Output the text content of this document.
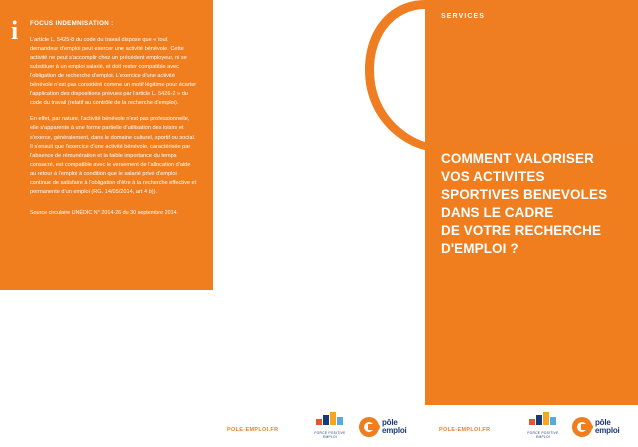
i FOCUS INDEMNISATION :

L'article L. 5425-8 du code du travail dispose que « tout demandeur d'emploi peut exercer une activité bénévole. Cette activité ne peut s'accomplir chez un précédent employeur, ni se substituer à un emploi salarié, et doit rester compatible avec l'obligation de recherche d'emploi. L'exercice d'une activité bénévole n'est pas considéré comme un motif légitime pour écarter l'application des dispositions prévues par l'article L. 5426-2 » du code du travail (relatif au contrôle de la recherche d'emploi).

En effet, par nature, l'activité bénévole n'est pas professionnelle, elle s'apparente à une forme partielle d'utilisation des loisirs et s'exerce, généralement, dans le domaine culturel, sportif ou social. Il s'ensuit que l'exercice d'une activité bénévole, caractérisée par l'absence de rémunération et la faible importance du temps consacré, est compatible avec le versement de l'allocation d'aide au retour à l'emploi à condition que le salarié privé d'emploi continue de satisfaire à l'obligation d'être à la recherche effective et permanente d'un emploi (RG. 14/05/2014, art 4 b)).

Source circulaire UNÉDIC N° 2014-26 du 30 septembre 2014.
SERVICES
COMMENT VALORISER
VOS ACTIVITES
SPORTIVES BENEVOLES
DANS LE CADRE
DE VOTRE RECHERCHE
D'EMPLOI ?
POLE-EMPLOI.FR	FORCE POSITIVE
EMPLOI
pôle emploi	POLE-EMPLOI.FR	FORCE POSITIVE
EMPLOI
pôle emploi
